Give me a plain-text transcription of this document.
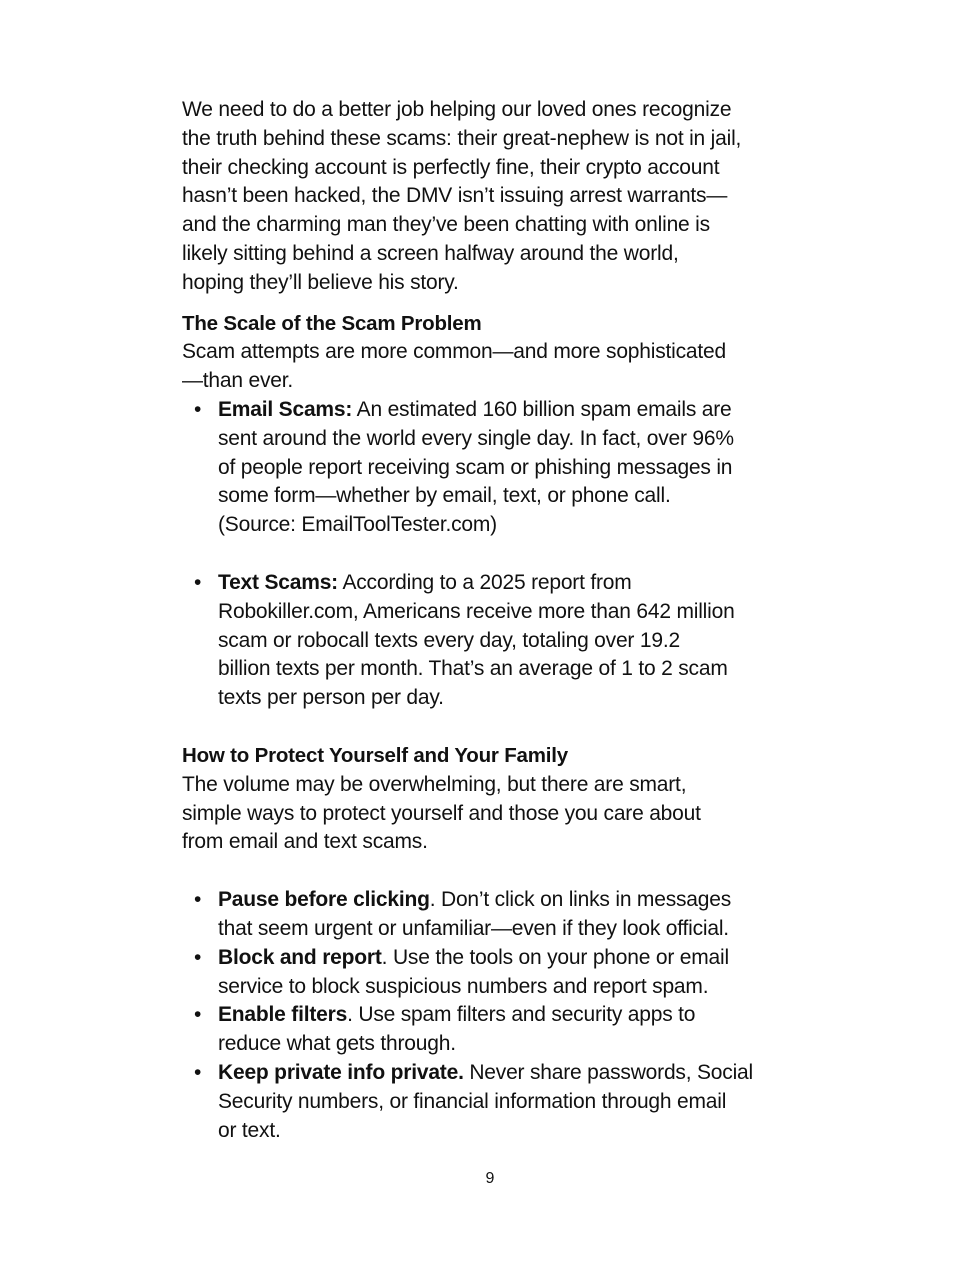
We need to do a better job helping our loved ones recognize
the truth behind these scams: their great-nephew is not in jail,
their checking account is perfectly fine, their crypto account
hasn’t been hacked, the DMV isn’t issuing arrest warrants—
and the charming man they’ve been chatting with online is
likely sitting behind a screen halfway around the world,
hoping they’ll believe his story.

The Scale of the Scam Problem
Scam attempts are more common—and more sophisticated
—than ever.
• Email Scams: An estimated 160 billion spam emails are
sent around the world every single day. In fact, over 96%
of people report receiving scam or phishing messages in
some form—whether by email, text, or phone call.
(Source: EmailToolTester.com)
• Text Scams: According to a 2025 report from
Robokiller.com, Americans receive more than 642 million
scam or robocall texts every day, totaling over 19.2
billion texts per month. That’s an average of 1 to 2 scam
texts per person per day.
How to Protect Yourself and Your Family
The volume may be overwhelming, but there are smart,
simple ways to protect yourself and those you care about
from email and text scams.
• Pause before clicking. Don’t click on links in messages
that seem urgent or unfamiliar—even if they look official.
• Block and report. Use the tools on your phone or email
service to block suspicious numbers and report spam.
• Enable filters. Use spam filters and security apps to
reduce what gets through.
• Keep private info private. Never share passwords, Social
Security numbers, or financial information through email
or text.
9
